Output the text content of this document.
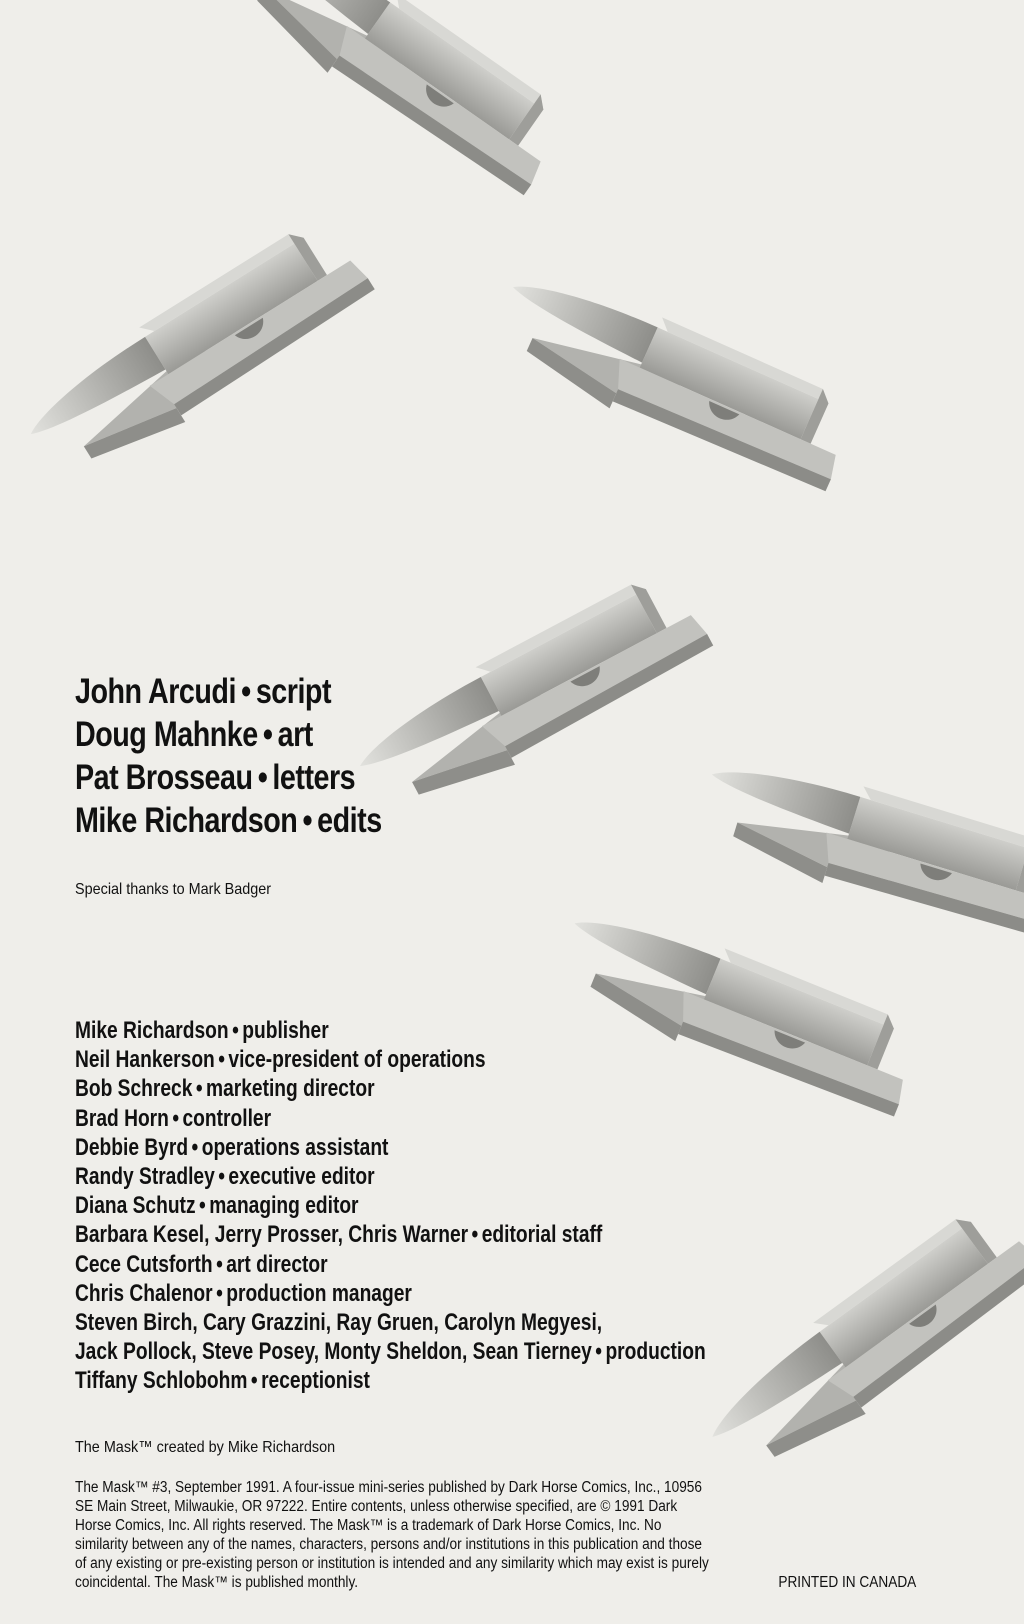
John Arcudi • script
Doug Mahnke • art
Pat Brosseau • letters
Mike Richardson • edits
Special thanks to Mark Badger
Mike Richardson • publisher
Neil Hankerson • vice-president of operations
Bob Schreck • marketing director
Brad Horn • controller
Debbie Byrd • operations assistant
Randy Stradley • executive editor
Diana Schutz • managing editor
Barbara Kesel, Jerry Prosser, Chris Warner • editorial staff
Cece Cutsforth • art director
Chris Chalenor • production manager
Steven Birch, Cary Grazzini, Ray Gruen, Carolyn Megyesi,
Jack Pollock, Steve Posey, Monty Sheldon, Sean Tierney • production
Tiffany Schlobohm • receptionist
The Mask™ created by Mike Richardson
The Mask™ #3, September 1991. A four-issue mini-series published by Dark Horse Comics, Inc., 10956
SE Main Street, Milwaukie, OR 97222. Entire contents, unless otherwise specified, are © 1991 Dark
Horse Comics, Inc. All rights reserved. The Mask™ is a trademark of Dark Horse Comics, Inc. No
similarity between any of the names, characters, persons and/or institutions in this publication and those
of any existing or pre-existing person or institution is intended and any similarity which may exist is purely
coincidental. The Mask™ is published monthly.	PRINTED IN CANADA
